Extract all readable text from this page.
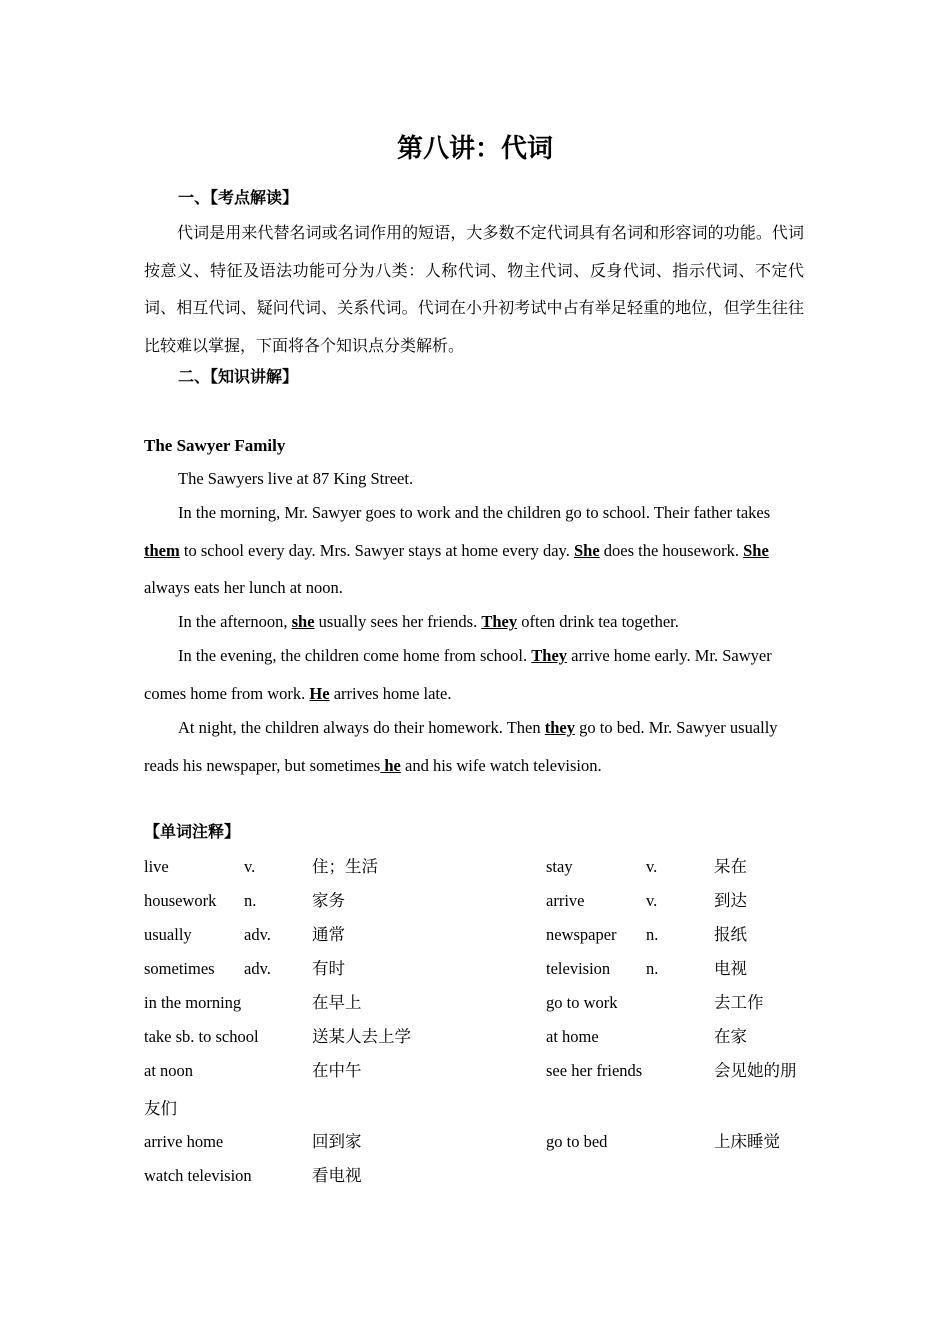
第八讲：代词
一、【考点解读】

代词是用来代替名词或名词作用的短语，大多数不定代词具有名词和形容词的功能。代词按意义、特征及语法功能可分为八类：人称代词、物主代词、反身代词、指示代词、不定代词、相互代词、疑问代词、关系代词。代词在小升初考试中占有举足轻重的地位，但学生往往比较难以掌握，下面将各个知识点分类解析。

二、【知识讲解】
The Sawyer Family

The Sawyers live at 87 King Street.

In the morning, Mr. Sawyer goes to work and the children go to school. Their father takes them to school every day. Mrs. Sawyer stays at home every day. She does the housework. She always eats her lunch at noon.

In the afternoon, she usually sees her friends. They often drink tea together.

In the evening, the children come home from school. They arrive home early. Mr. Sawyer comes home from work. He arrives home late.

At night, the children always do their homework. Then they go to bed. Mr. Sawyer usually reads his newspaper, but sometimes he and his wife watch television.

【单词注释】
live	v.	住；生活	stay	v.	呆在
housework n.	家务	arrive	v.	到达
usually	adv. 通常	newspaper n.	报纸
sometimes adv. 有时	television n.	电视
in the morning	在早上	go to work	去工作
take sb. to school	送某人去上学	at home	在家
at noon	在中午	see her friends	会见她的朋
友们
arrive home	回到家	go to bed	上床睡觉
watch television	看电视
